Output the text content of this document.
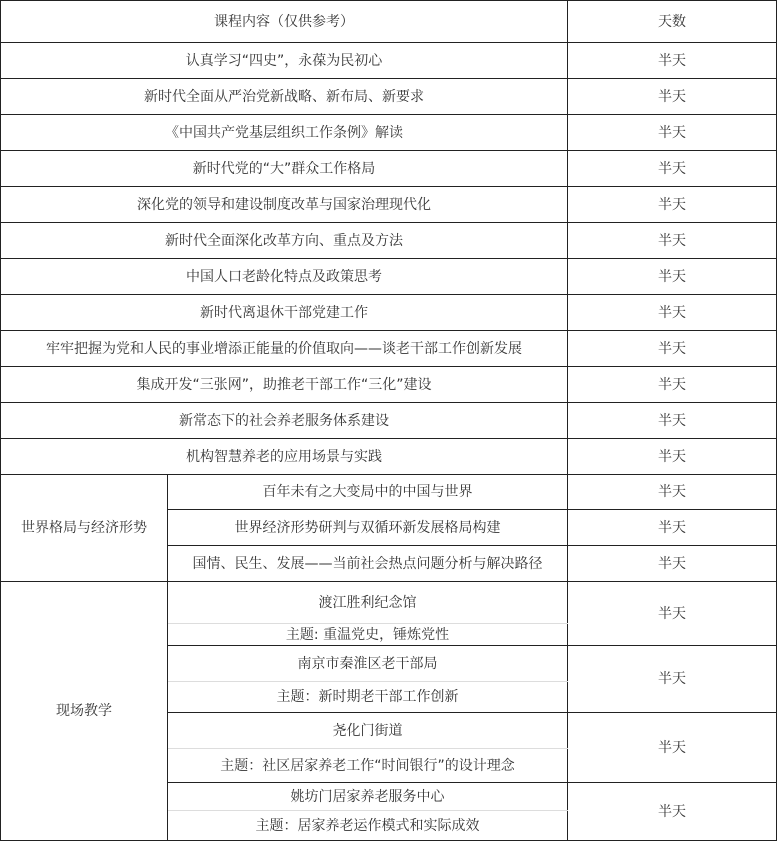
课程内容（仅供参考）		天数
认真学习“四史”，永葆为民初心		半天
新时代全面从严治党新战略、新布局、新要求		半天
《中国共产党基层组织工作条例》解读		半天
新时代党的“大”群众工作格局		半天
深化党的领导和建设制度改革与国家治理现代化		半天
新时代全面深化改革方向、重点及方法		半天
中国人口老龄化特点及政策思考		半天
新时代离退休干部党建工作		半天
牢牢把握为党和人民的事业增添正能量的价值取向——谈老干部工作创新发展		半天
集成开发“三张网”，助推老干部工作“三化”建设		半天
新常态下的社会养老服务体系建设		半天
机构智慧养老的应用场景与实践		半天
世界格局与经济形势	百年未有之大变局中的中国与世界	半天
	世界经济形势研判与双循环新发展格局构建	半天
	国情、民生、发展——当前社会热点问题分析与解决路径	半天
现场教学	渡江胜利纪念馆	半天
	主题: 重温党史，锤炼党性	
	南京市秦淮区老干部局	半天
	主题：新时期老干部工作创新	
	尧化门街道	半天
	主题：社区居家养老工作“时间银行”的设计理念	
	姚坊门居家养老服务中心	半天
	主题：居家养老运作模式和实际成效	
